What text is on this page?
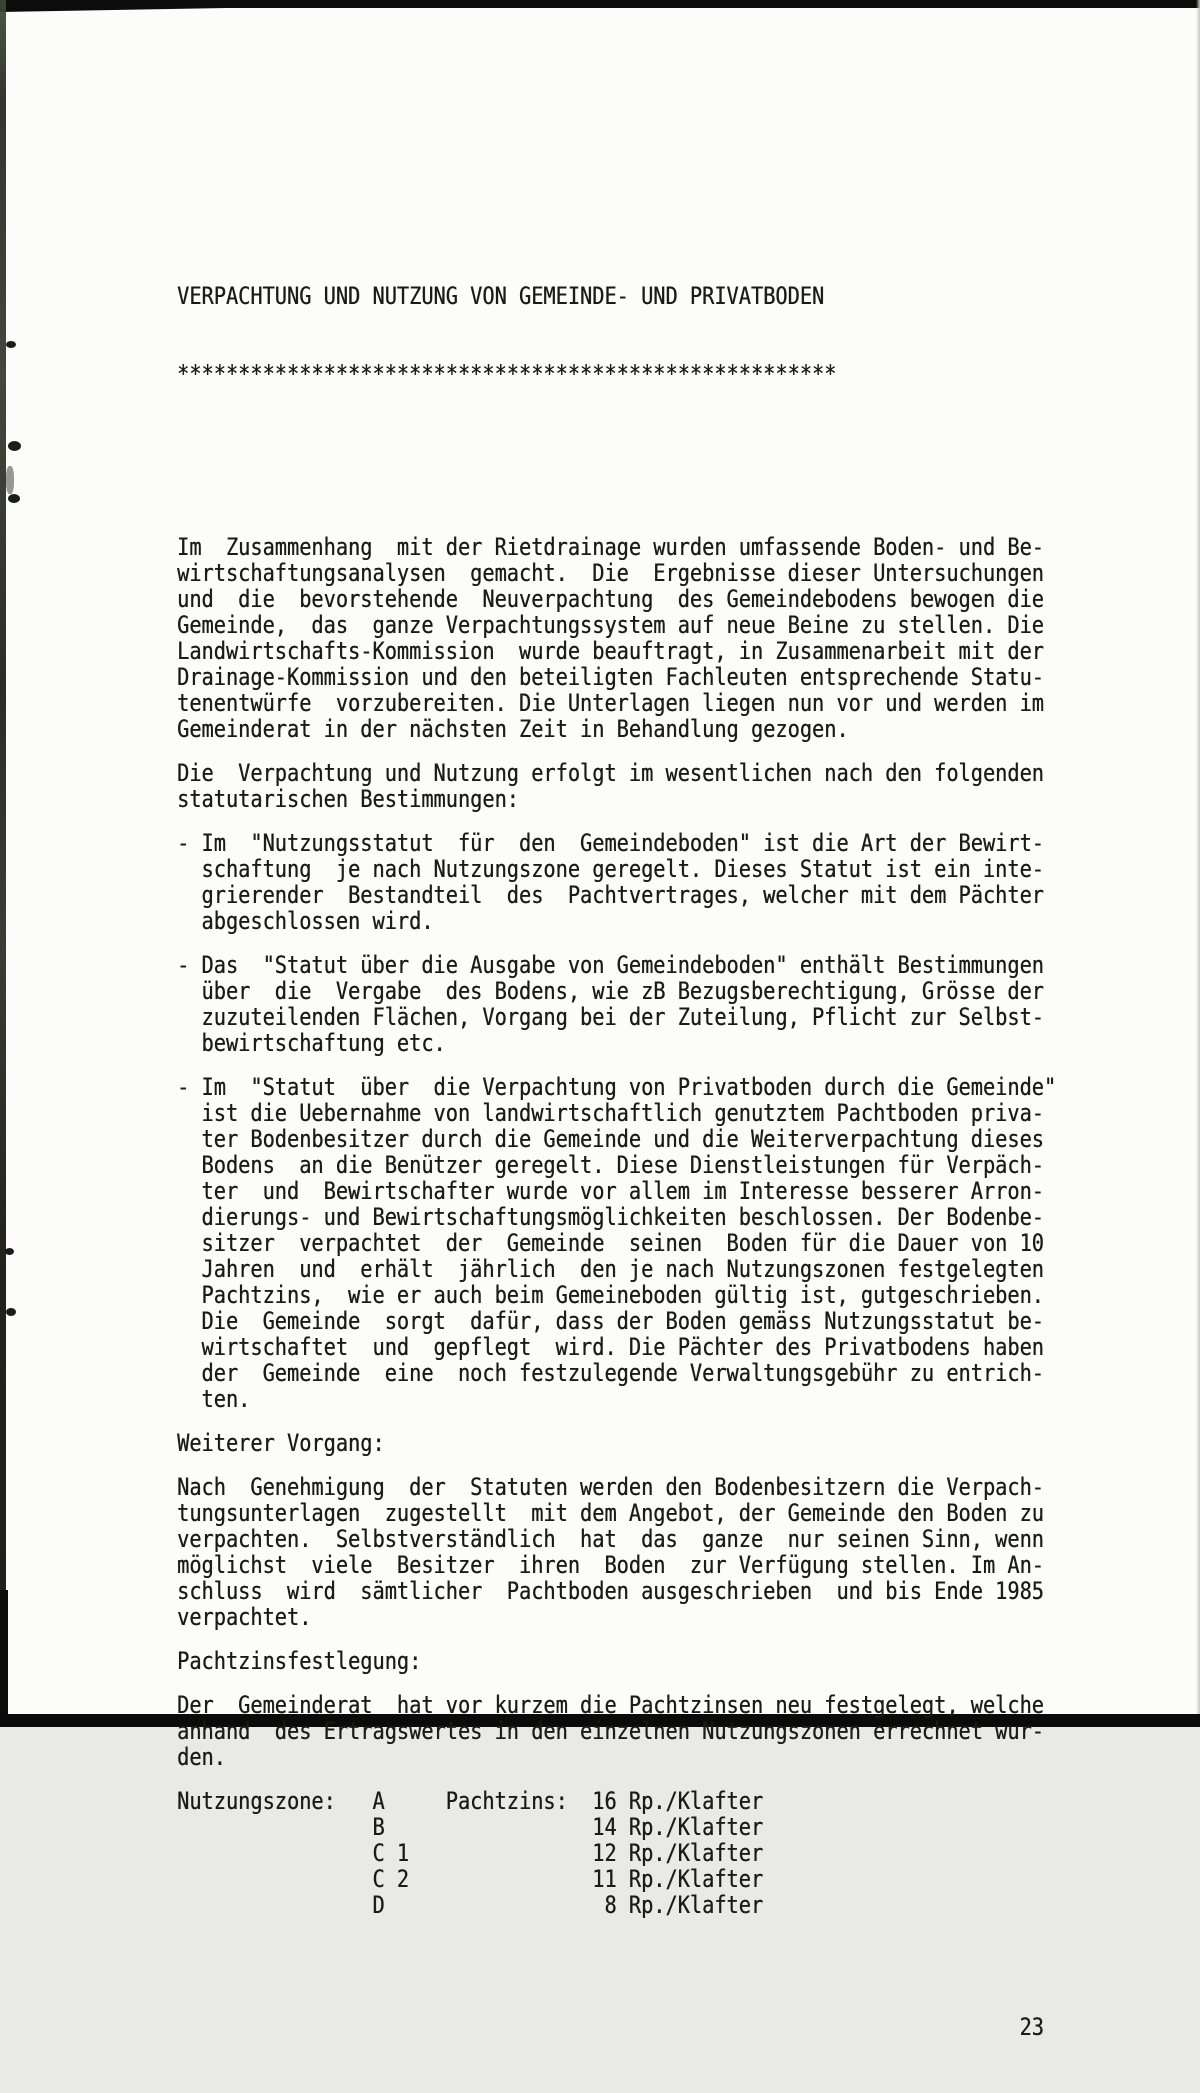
VERPACHTUNG UND NUTZUNG VON GEMEINDE- UND PRIVATBODEN

******************************************************

Im  Zusammenhang  mit der Rietdrainage wurden umfassende Boden- und Be-
wirtschaftungsanalysen  gemacht.  Die  Ergebnisse dieser Untersuchungen
und  die  bevorstehende  Neuverpachtung  des Gemeindebodens bewogen die
Gemeinde,  das  ganze Verpachtungssystem auf neue Beine zu stellen. Die
Landwirtschafts-Kommission  wurde beauftragt, in Zusammenarbeit mit der
Drainage-Kommission und den beteiligten Fachleuten entsprechende Statu-
tenentwürfe  vorzubereiten. Die Unterlagen liegen nun vor und werden im
Gemeinderat in der nächsten Zeit in Behandlung gezogen.
Die  Verpachtung und Nutzung erfolgt im wesentlichen nach den folgenden
statutarischen Bestimmungen:
- Im  "Nutzungsstatut  für  den  Gemeindeboden" ist die Art der Bewirt-
schaftung  je nach Nutzungszone geregelt. Dieses Statut ist ein inte-
grierender  Bestandteil  des  Pachtvertrages, welcher mit dem Pächter
abgeschlossen wird.
- Das  "Statut über die Ausgabe von Gemeindeboden" enthält Bestimmungen
über  die  Vergabe  des Bodens, wie zB Bezugsberechtigung, Grösse der
zuzuteilenden Flächen, Vorgang bei der Zuteilung, Pflicht zur Selbst-
bewirtschaftung etc.
- Im  "Statut  über  die Verpachtung von Privatboden durch die Gemeinde"
ist die Uebernahme von landwirtschaftlich genutztem Pachtboden priva-
ter Bodenbesitzer durch die Gemeinde und die Weiterverpachtung dieses
Bodens  an die Benützer geregelt. Diese Dienstleistungen für Verpäch-
ter  und  Bewirtschafter wurde vor allem im Interesse besserer Arron-
dierungs- und Bewirtschaftungsmöglichkeiten beschlossen. Der Bodenbe-
sitzer  verpachtet  der  Gemeinde  seinen  Boden für die Dauer von 10
Jahren  und  erhält  jährlich  den je nach Nutzungszonen festgelegten
Pachtzins,  wie er auch beim Gemeineboden gültig ist, gutgeschrieben.
Die  Gemeinde  sorgt  dafür, dass der Boden gemäss Nutzungsstatut be-
wirtschaftet  und  gepflegt  wird. Die Pächter des Privatbodens haben
der  Gemeinde  eine  noch festzulegende Verwaltungsgebühr zu entrich-
ten.
Weiterer Vorgang:
Nach  Genehmigung  der  Statuten werden den Bodenbesitzern die Verpach-
tungsunterlagen  zugestellt  mit dem Angebot, der Gemeinde den Boden zu
verpachten.  Selbstverständlich  hat  das  ganze  nur seinen Sinn, wenn
möglichst  viele  Besitzer  ihren  Boden  zur Verfügung stellen. Im An-
schluss  wird  sämtlicher  Pachtboden ausgeschrieben  und bis Ende 1985
verpachtet.
Pachtzinsfestlegung:
Der  Gemeinderat  hat vor kurzem die Pachtzinsen neu festgelegt, welche
anhand  des Ertragswertes in den einzelnen Nutzungszonen errechnet wur-
den.
Nutzungszone: A	Pachtzins: 16 Rp./Klafter
B	14 Rp./Klafter
C 1	12 Rp./Klafter
C 2	11 Rp./Klafter
D	8 Rp./Klafter

23
